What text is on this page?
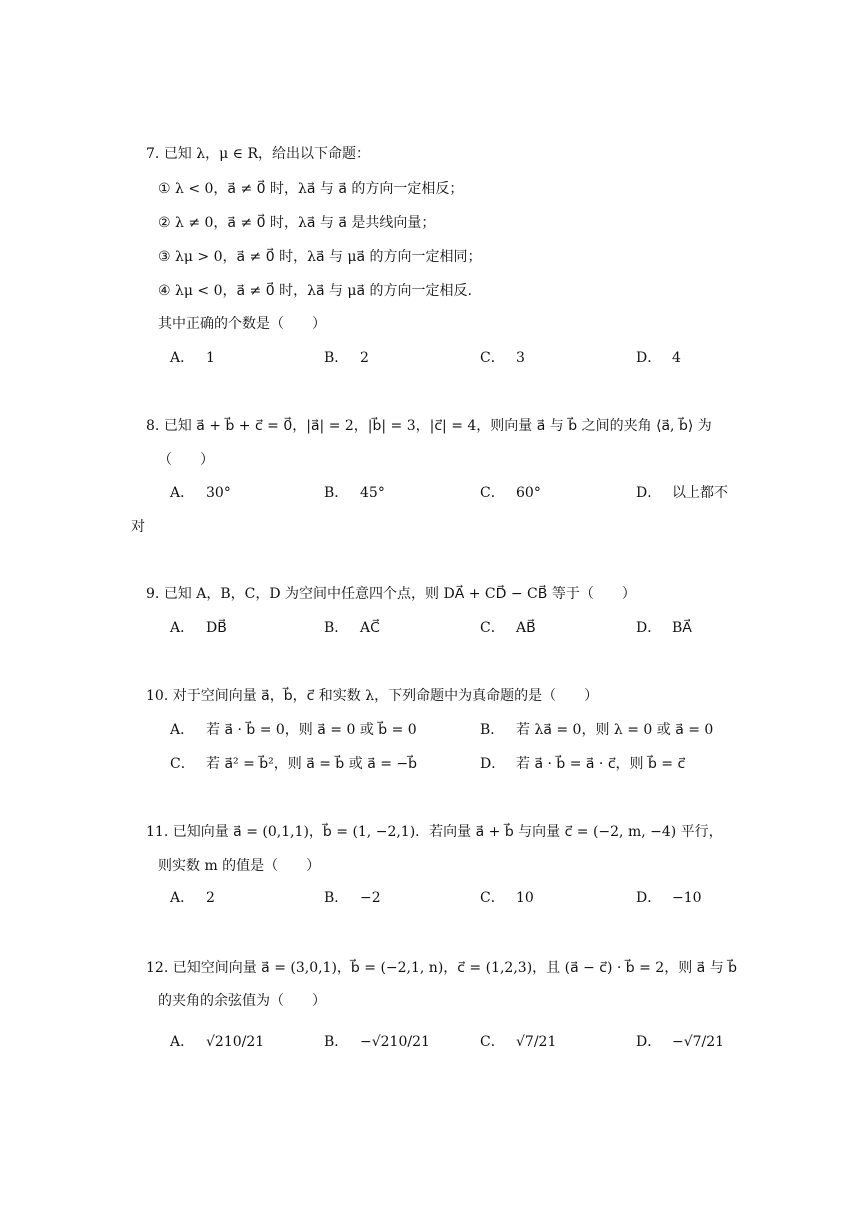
7. 已知 λ，μ ∈ R，给出以下命题：
① λ < 0，a⃗ ≠ 0⃗ 时，λa⃗ 与 a⃗ 的方向一定相反；
② λ ≠ 0，a⃗ ≠ 0⃗ 时，λa⃗ 与 a⃗ 是共线向量；
③ λμ > 0，a⃗ ≠ 0⃗ 时，λa⃗ 与 μa⃗ 的方向一定相同；
④ λμ < 0，a⃗ ≠ 0⃗ 时，λa⃗ 与 μa⃗ 的方向一定相反.
其中正确的个数是（　　）
A． 1	B． 2	C． 3	D． 4
8. 已知 a⃗ + b⃗ + c⃗ = 0⃗，|a⃗| = 2，|b⃗| = 3，|c⃗| = 4，则向量 a⃗ 与 b⃗ 之间的夹角 ⟨a⃗, b⃗⟩ 为
（　　）
A． 30°	B． 45°	C． 60°	D． 以上都不
对
9. 已知 A，B，C，D 为空间中任意四个点，则 DA⃗ + CD⃗ − CB⃗ 等于（　　）
A． DB⃗	B． AC⃗	C． AB⃗	D． BA⃗
10. 对于空间向量 a⃗，b⃗，c⃗ 和实数 λ，下列命题中为真命题的是（　　）
A． 若 a⃗ · b⃗ = 0，则 a⃗ = 0 或 b⃗ = 0	B． 若 λa⃗ = 0，则 λ = 0 或 a⃗ = 0
C． 若 a⃗² = b⃗²，则 a⃗ = b⃗ 或 a⃗ = −b⃗	D． 若 a⃗ · b⃗ = a⃗ · c⃗，则 b⃗ = c⃗
11. 已知向量 a⃗ = (0,1,1)，b⃗ = (1, −2,1)．若向量 a⃗ + b⃗ 与向量 c⃗ = (−2, m, −4) 平行，
则实数 m 的值是（　　）
A． 2	B． −2	C． 10	D． −10
12. 已知空间向量 a⃗ = (3,0,1)，b⃗ = (−2,1, n)，c⃗ = (1,2,3)，且 (a⃗ − c⃗) · b⃗ = 2，则 a⃗ 与 b⃗
的夹角的余弦值为（　　）
A． √210/21	B． −√210/21	C． √7/21	D． −√7/21
